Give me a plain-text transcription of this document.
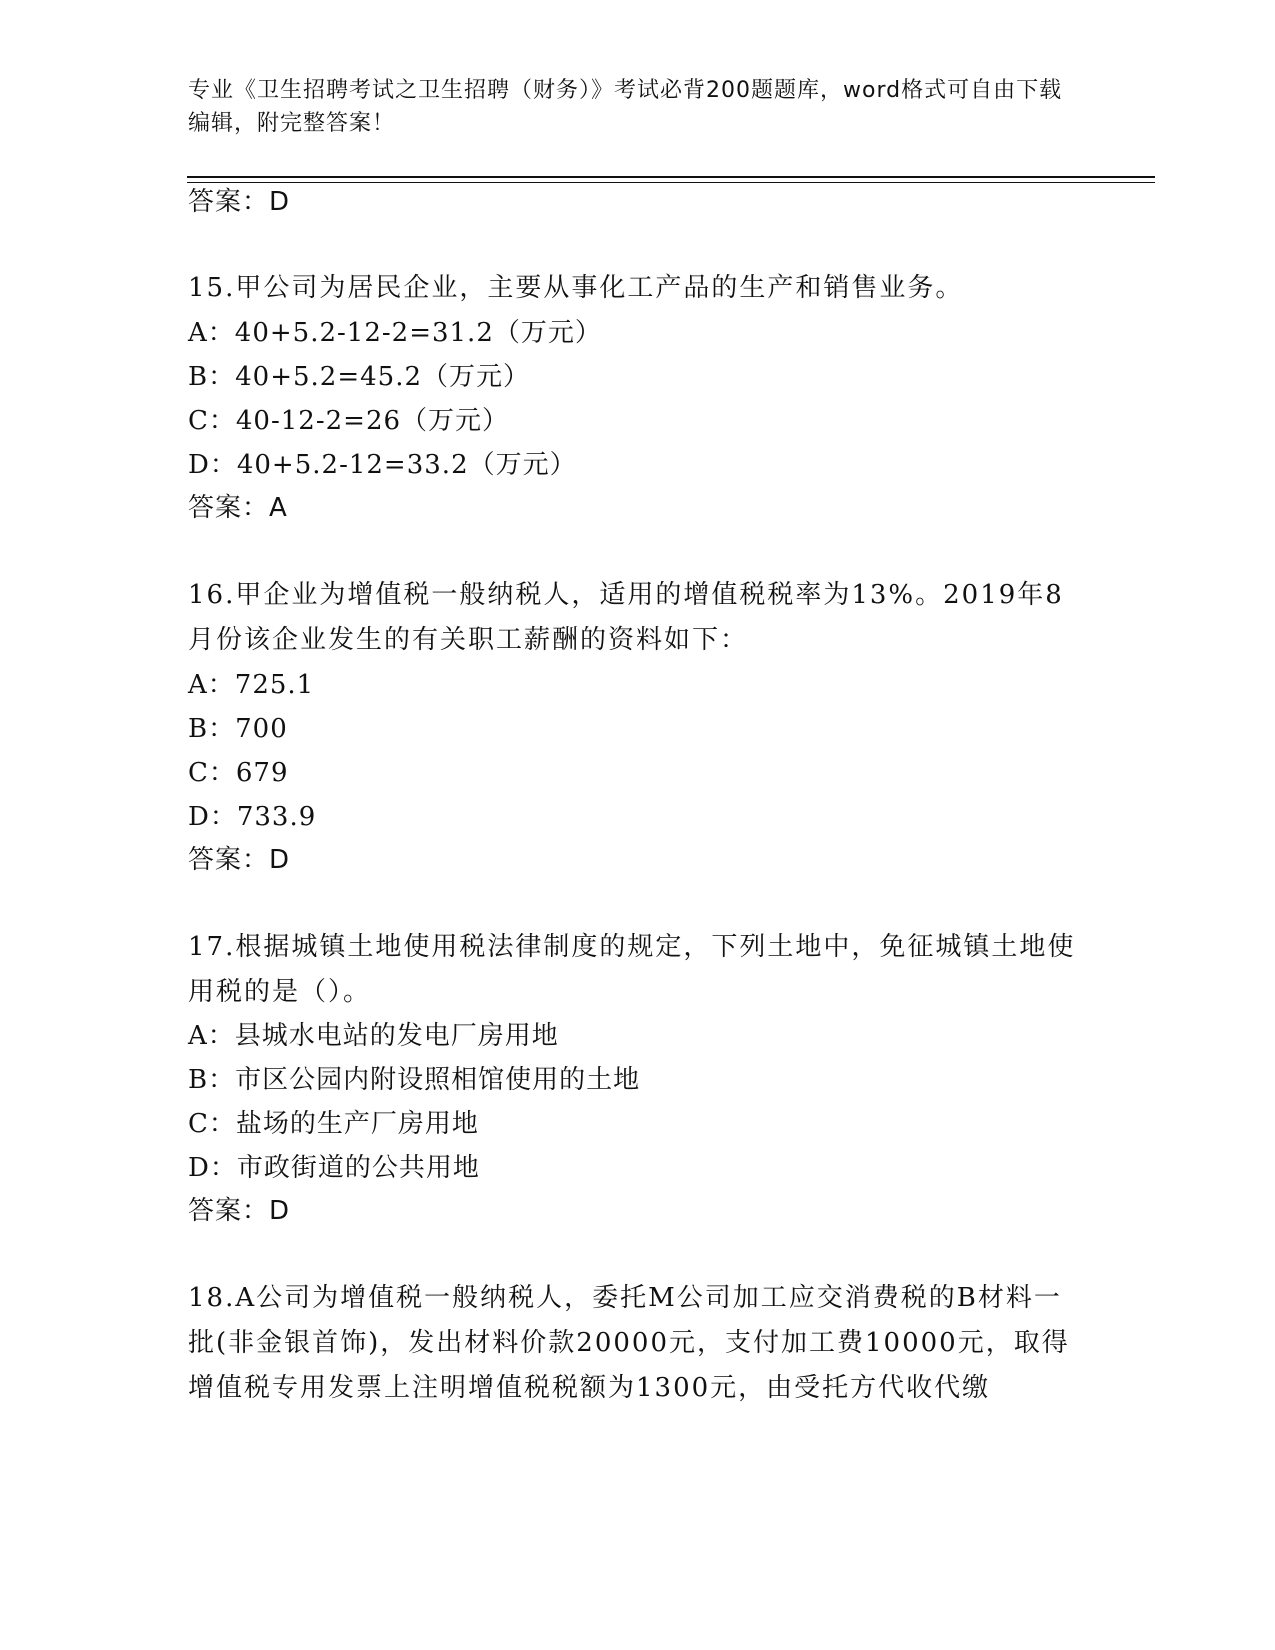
专业《卫生招聘考试之卫生招聘（财务）》考试必背200题题库，word格式可自由下载编辑，附完整答案！
答案：D
15.甲公司为居民企业，主要从事化工产品的生产和销售业务。
A：40+5.2-12-2=31.2（万元）
B：40+5.2=45.2（万元）
C：40-12-2=26（万元）
D：40+5.2-12=33.2（万元）
答案：A
16.甲企业为增值税一般纳税人，适用的增值税税率为13%。2019年8月份该企业发生的有关职工薪酬的资料如下：
A：725.1
B：700
C：679
D：733.9
答案：D
17.根据城镇土地使用税法律制度的规定，下列土地中，免征城镇土地使用税的是（）。
A：县城水电站的发电厂房用地
B：市区公园内附设照相馆使用的土地
C：盐场的生产厂房用地
D：市政街道的公共用地
答案：D
18.A公司为增值税一般纳税人，委托M公司加工应交消费税的B材料一批(非金银首饰)，发出材料价款20000元，支付加工费10000元，取得增值税专用发票上注明增值税税额为1300元，由受托方代收代缴
